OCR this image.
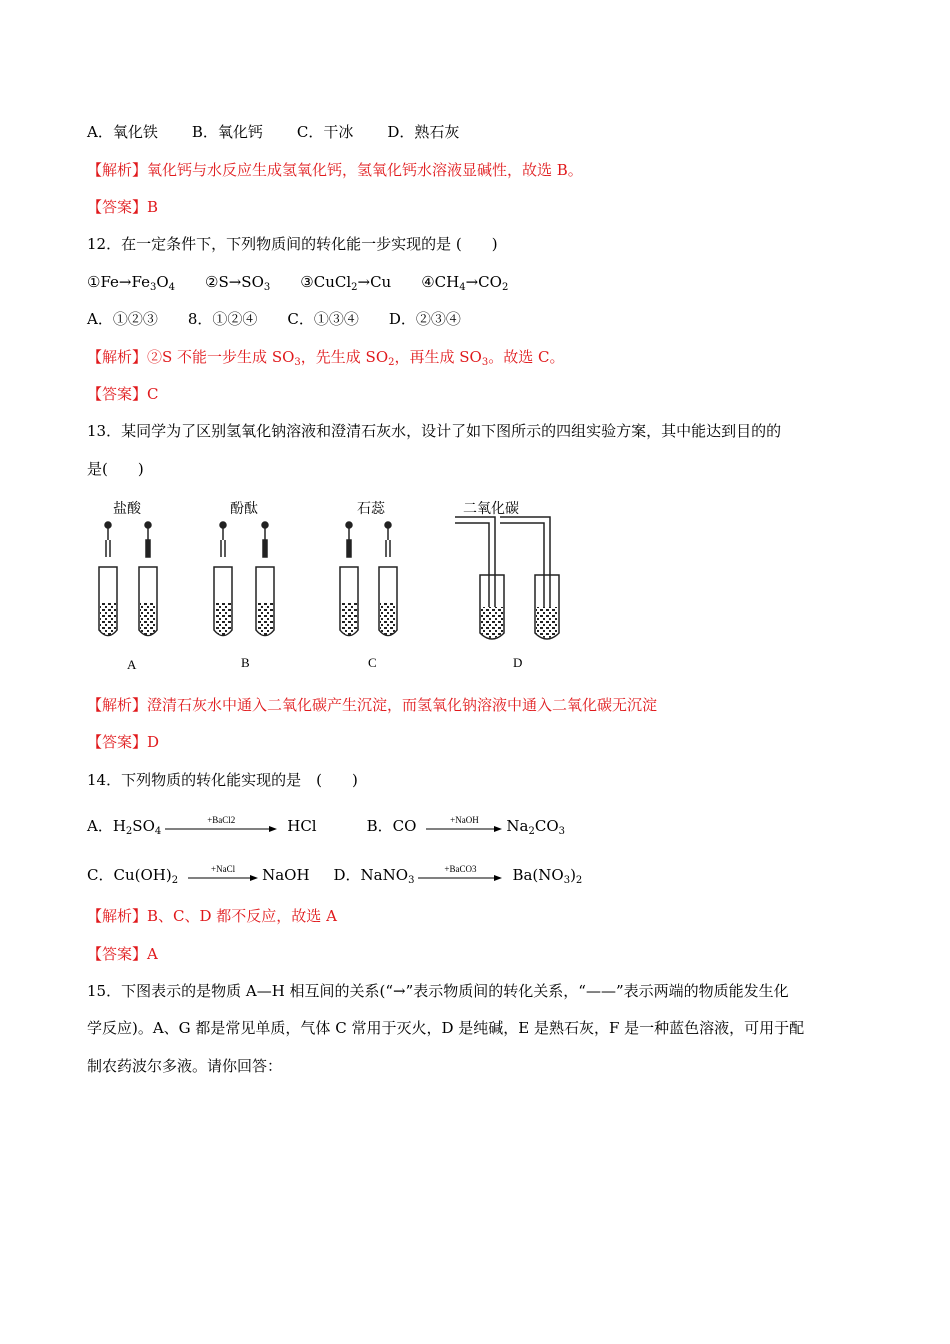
A．氧化铁 B．氧化钙 C．干冰 D．熟石灰
【解析】氧化钙与水反应生成氢氧化钙，氢氧化钙水溶液显碱性，故选 B。
【答案】B
12．在一定条件下，下列物质间的转化能一步实现的是 (　　)
$①Fe\to Fe_3O_4$ $②S\to SO_3$ ③CuCl$_2$→Cu $④CH_4\to CO_2$
A．①②③ 8．①②④ C．①③④ D．②③④
【解析】②S 不能一步生成 $SO_3$，先生成 $SO_2$，再生成 $SO_3$。故选 C。
【答案】C
13．某同学为了区别氢氧化钠溶液和澄清石灰水，设计了如下图所示的四组实验方案，其中能达到目的的
是(　　)
盐酸	酚酞	石蕊	二氧化碳
A	B	C	D
【解析】澄清石灰水中通入二氧化碳产生沉淀，而氢氧化钠溶液中通入二氧化碳无沉淀
【答案】D
14．下列物质的转化能实现的是　(　　)
A．$H_2SO_4$
+BaCl2	HCl	B．CO	+NaOH	$Na_2CO_3$
C．$Cu(OH)_2$
+NaCl	NaOH D．NaNO$_3$
+BaCO3	$Ba(NO_3)_2$
【解析】B、C、D 都不反应，故选 A
【答案】A
15．下图表示的是物质 A—H 相互间的关系(“→”表示物质间的转化关系，“——”表示两端的物质能发生化
学反应)。A、G 都是常见单质，气体 C 常用于灭火，D 是纯碱，E 是熟石灰，F 是一种蓝色溶液，可用于配
制农药波尔多液。请你回答：
